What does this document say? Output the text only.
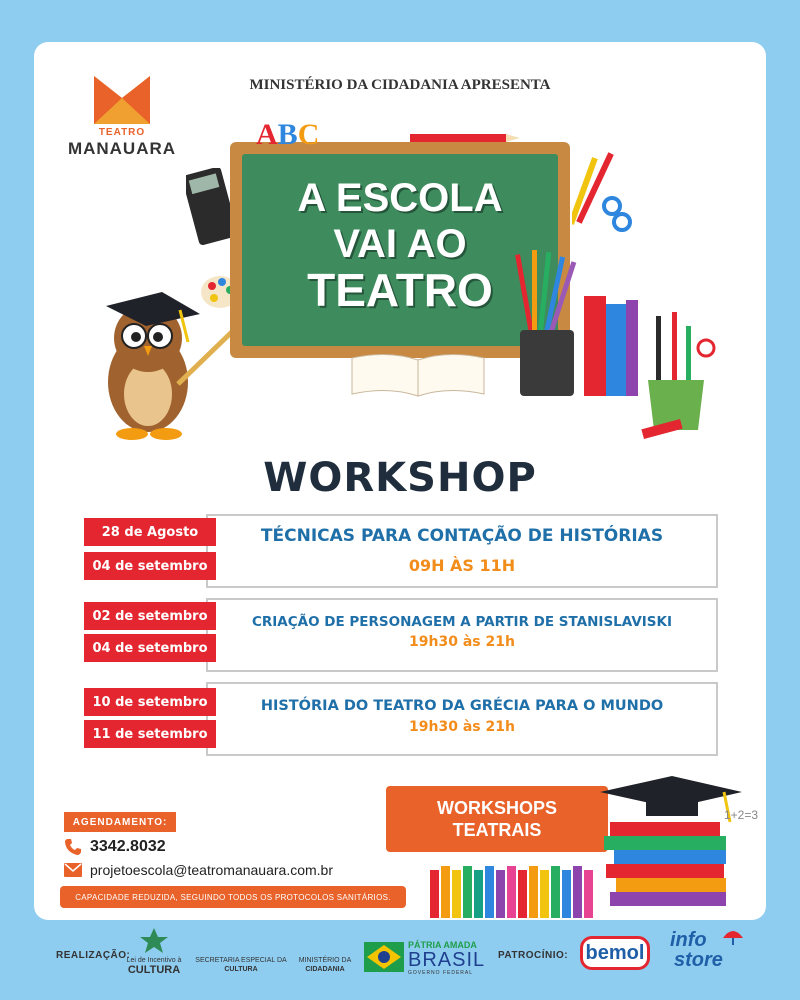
TEATRO
MANAUARA
MINISTÉRIO DA CIDADANIA APRESENTA
ABC
A ESCOLA
VAI AO
TEATRO
WORKSHOP
28 de Agosto
04 de setembro
TÉCNICAS PARA CONTAÇÃO DE HISTÓRIAS
09H ÀS 11H
02 de setembro
04 de setembro
CRIAÇÃO DE PERSONAGEM A PARTIR DE STANISLAVISKI
19h30 às 21h
10 de setembro
11 de setembro
HISTÓRIA DO TEATRO DA GRÉCIA PARA O MUNDO
19h30 às 21h
WORKSHOPS
TEATRAIS
1+2=3
AGENDAMENTO:
3342.8032
projetoescola@teatromanauara.com.br
CAPACIDADE REDUZIDA, SEGUINDO TODOS OS PROTOCOLOS SANITÁRIOS.
REALIZAÇÃO:
Lei de Incentivo à
CULTURA
SECRETARIA ESPECIAL DA
CULTURA
MINISTÉRIO DA
CIDADANIA
PÁTRIA AMADA
BRASIL
GOVERNO FEDERAL
PATROCÍNIO: bemol
info
store
